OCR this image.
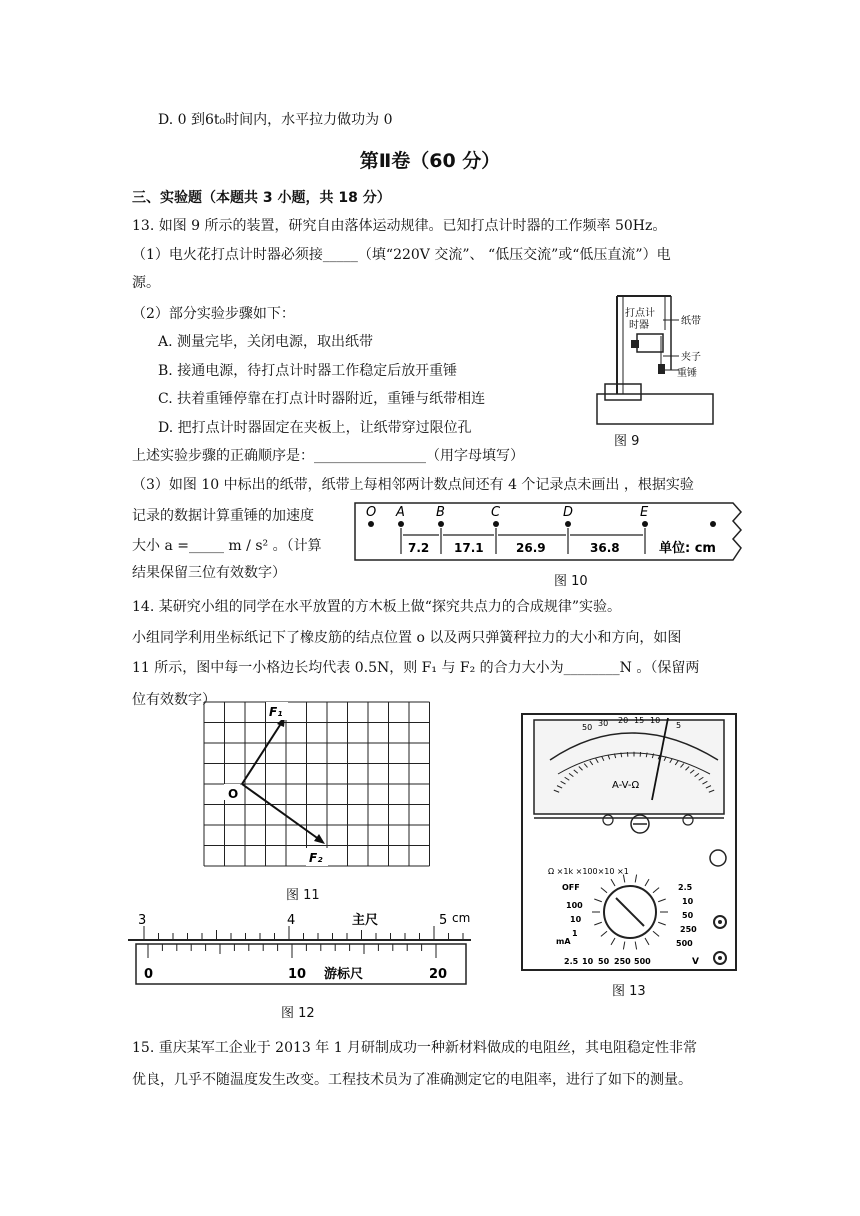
D. 0 到6t₀时间内，水平拉力做功为 0
第Ⅱ卷（60 分）
三、实验题（本题共 3 小题，共 18 分）
13. 如图 9 所示的装置，研究自由落体运动规律。已知打点计时器的工作频率 50Hz。
（1）电火花打点计时器必须接_____（填“220V 交流”、 “低压交流”或“低压直流”）电
源。
（2）部分实验步骤如下：
A. 测量完毕，关闭电源，取出纸带
B. 接通电源，待打点计时器工作稳定后放开重锤
C. 扶着重锤停靠在打点计时器附近，重锤与纸带相连
D. 把打点计时器固定在夹板上，让纸带穿过限位孔
上述实验步骤的正确顺序是：________________（用字母填写）
（3）如图 10 中标出的纸带，纸带上每相邻两计数点间还有 4 个记录点未画出 ，根据实验
记录的数据计算重锤的加速度
大小 a =_____ m / s² 。（计算
结果保留三位有效数字）
打点计
时器	纸带
夹子
重锤
图 9
O A B	C	D	E
7.2 17.1	26.9	36.8	单位: cm
图 10
14. 某研究小组的同学在水平放置的方木板上做“探究共点力的合成规律”实验。
小组同学利用坐标纸记下了橡皮筋的结点位置 o 以及两只弹簧秤拉力的大小和方向，如图
11 所示，图中每一小格边长均代表 0.5N，则 F₁ 与 F₂ 的合力大小为________N 。（保留两
位有效数字）
O
F₁
F₂
图 11
3	4	5 cm
主尺
0	10	20
游标尺
图 12
50 30 20 15 10
5
A-V-Ω
Ω ×1k ×100×10 ×1
OFF
100
10
1
mA
2.5
10
50
250
500
2.5 10 50 250 500	V
图 13
15. 重庆某军工企业于 2013 年 1 月研制成功一种新材料做成的电阻丝，其电阻稳定性非常
优良，几乎不随温度发生改变。工程技术员为了准确测定它的电阻率，进行了如下的测量。
